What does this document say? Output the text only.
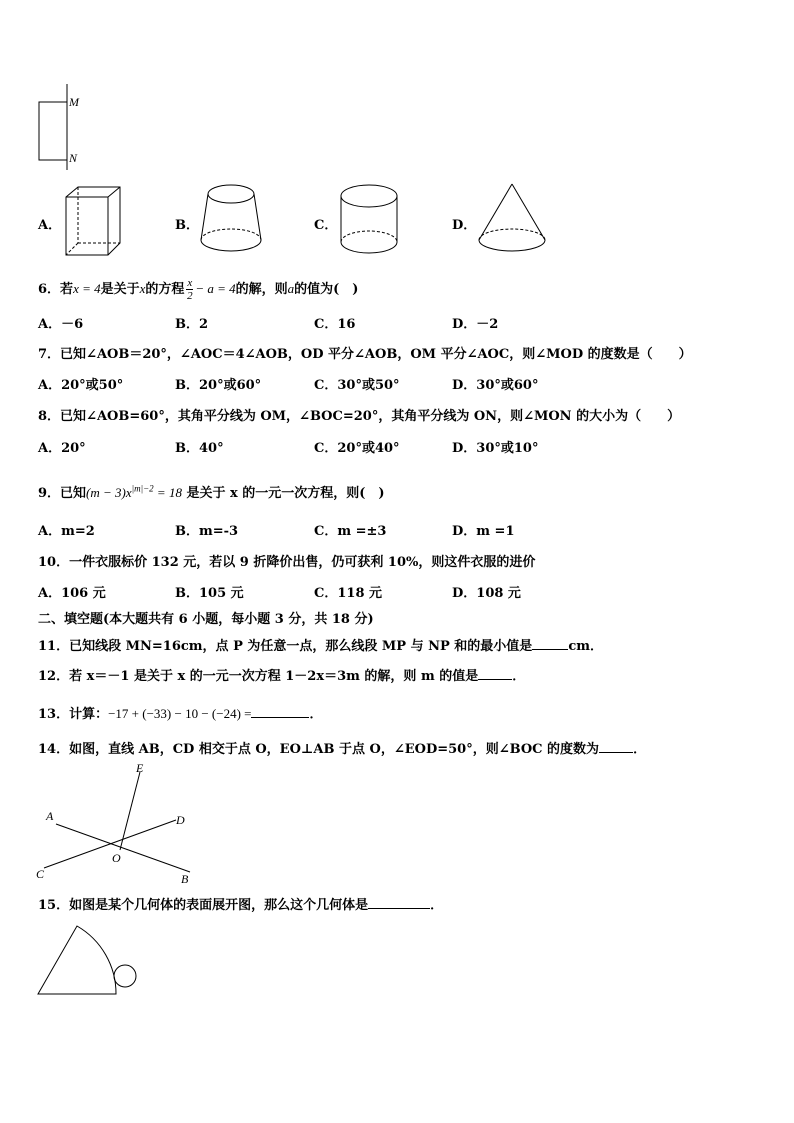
M
N
A．	B．	C．	D．
6．若x = 4是关于x的方程 $\frac{x}{2} - a = 4$的解，则a的值为(　)
A．－6	B．2	C．16	D．－2
7．已知∠AOB＝20°，∠AOC＝4∠AOB，OD 平分∠AOB，OM 平分∠AOC，则∠MOD 的度数是（　　）
A．20°或50°	B．20°或60°	C．30°或50°	D．30°或60°
8．已知∠AOB=60°，其角平分线为 OM，∠BOC=20°，其角平分线为 ON，则∠MON 的大小为（　　）
A．20°	B．40°	C．20°或40°	D．30°或10°
9．已知$(m - 3)x^{|m|-2} = 18$ 是关于 x 的一元一次方程，则(　)
A．m=2	B．m=-3	C．m =±3	D．m =1
10．一件衣服标价 132 元，若以 9 折降价出售，仍可获利 10%，则这件衣服的进价
A．106 元	B．105 元	C．118 元	D．108 元
二、填空题(本大题共有 6 小题，每小题 3 分，共 18 分)
11．已知线段 MN=16cm，点 P 为任意一点，那么线段 MP 与 NP 和的最小值是	cm．
12．若 x＝－1 是关于 x 的一元一次方程 1－2x＝3m 的解，则 m 的值是	．
13．计算：−17 + (−33) − 10 − (−24) =	．
14．如图，直线 AB，CD 相交于点 O，EO⊥AB 于点 O，∠EOD=50°，则∠BOC 的度数为	．
E
A	D
O
C	B
15．如图是某个几何体的表面展开图，那么这个几何体是	．
